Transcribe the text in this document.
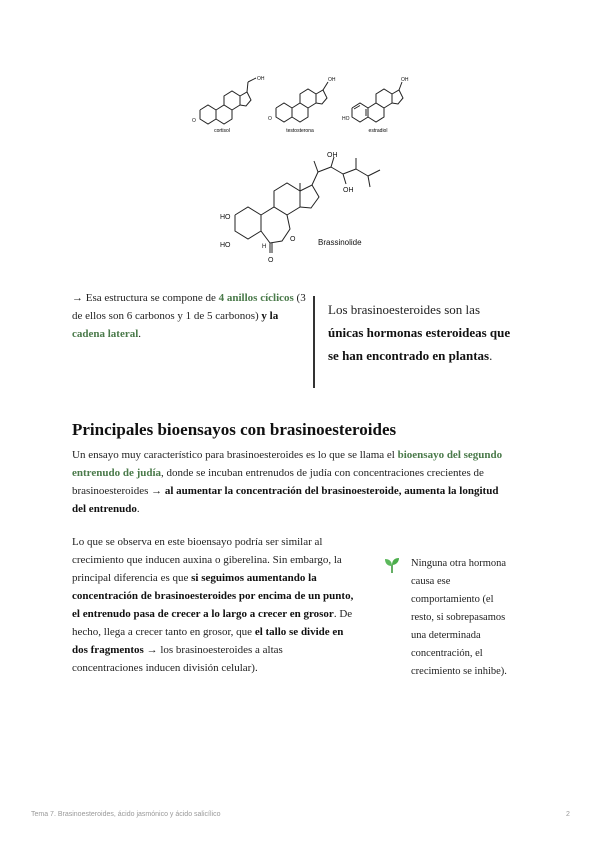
OH
O
cortisol
OH
O
testosterona
OH
HO
estradiol
OH
OH
HO
HO	H
O
O
Brassinolide
→ Esa estructura se compone de 4 anillos cíclicos (3 de ellos son 6 carbonos y 1 de 5 carbonos) y la cadena lateral.
Los brasinoesteroides son las únicas hormonas esteroideas que se han encontrado en plantas.
Principales bioensayos con brasinoesteroides
Un ensayo muy característico para brasinoesteroides es lo que se llama el bioensayo del segundo entrenudo de judía, donde se incuban entrenudos de judía con concentraciones crecientes de brasinoesteroides → al aumentar la concentración del brasinoesteroide, aumenta la longitud del entrenudo.
Lo que se observa en este bioensayo podría ser similar al crecimiento que inducen auxina o giberelina. Sin embargo, la principal diferencia es que si seguimos aumentando la concentración de brasinoesteroides por encima de un punto, el entrenudo pasa de crecer a lo largo a crecer en grosor. De hecho, llega a crecer tanto en grosor, que el tallo se divide en dos fragmentos → los brasinoesteroides a altas concentraciones inducen división celular).
Ninguna otra hormona causa ese comportamiento (el resto, si sobrepasamos una determinada concentración, el crecimiento se inhibe).
Tema 7. Brasinoesteroides, ácido jasmónico y ácido salicílico	2
